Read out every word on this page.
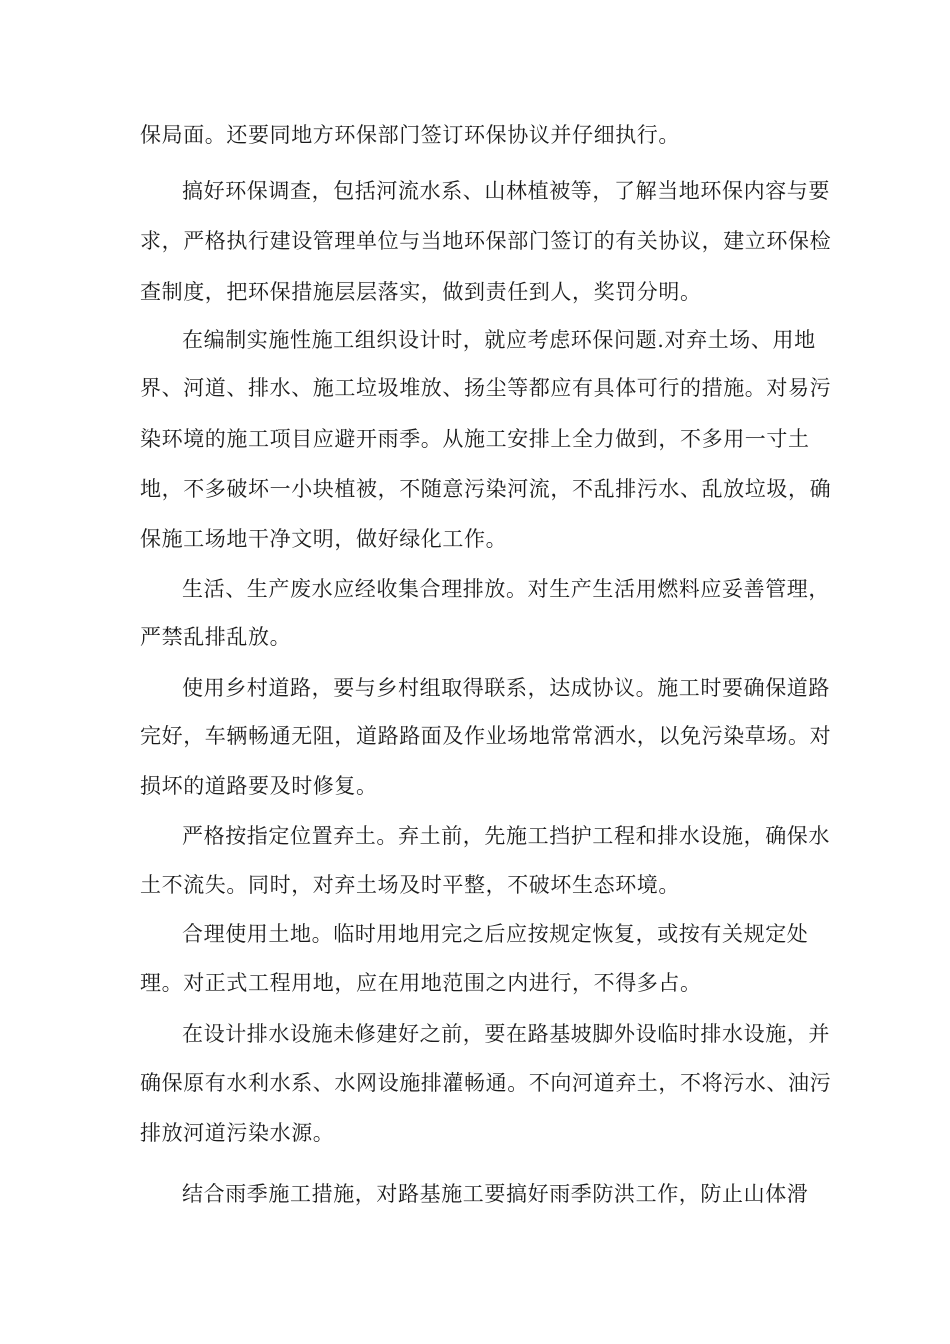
保局面。还要同地方环保部门签订环保协议并仔细执行。
搞好环保调查，包括河流水系、山林植被等，了解当地环保内容与要
求，严格执行建设管理单位与当地环保部门签订的有关协议，建立环保检
查制度，把环保措施层层落实，做到责任到人，奖罚分明。
在编制实施性施工组织设计时，就应考虑环保问题.对弃土场、用地
界、河道、排水、施工垃圾堆放、扬尘等都应有具体可行的措施。对易污
染环境的施工项目应避开雨季。从施工安排上全力做到，不多用一寸土
地，不多破坏一小块植被，不随意污染河流，不乱排污水、乱放垃圾，确
保施工场地干净文明，做好绿化工作。
生活、生产废水应经收集合理排放。对生产生活用燃料应妥善管理，
严禁乱排乱放。
使用乡村道路，要与乡村组取得联系，达成协议。施工时要确保道路
完好，车辆畅通无阻，道路路面及作业场地常常洒水，以免污染草场。对
损坏的道路要及时修复。
严格按指定位置弃土。弃土前，先施工挡护工程和排水设施，确保水
土不流失。同时，对弃土场及时平整，不破坏生态环境。
合理使用土地。临时用地用完之后应按规定恢复，或按有关规定处
理。对正式工程用地，应在用地范围之内进行，不得多占。
在设计排水设施未修建好之前，要在路基坡脚外设临时排水设施，并
确保原有水利水系、水网设施排灌畅通。不向河道弃土，不将污水、油污
排放河道污染水源。
结合雨季施工措施，对路基施工要搞好雨季防洪工作，防止山体滑
